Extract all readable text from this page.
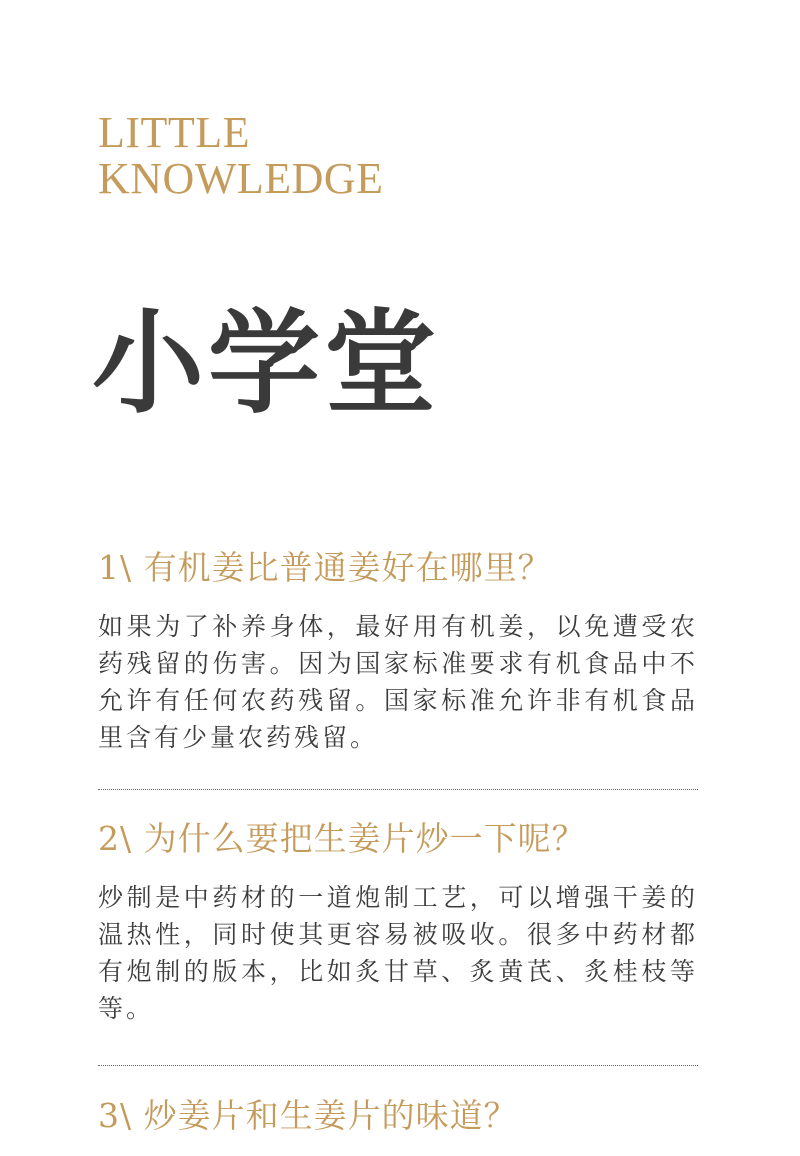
LITTLE
KNOWLEDGE
小学堂
1\ 有机姜比普通姜好在哪里？

如果为了补养身体，最好用有机姜，以免遭受农药残留的伤害。因为国家标准要求有机食品中不允许有任何农药残留。国家标准允许非有机食品里含有少量农药残留。

2\ 为什么要把生姜片炒一下呢？

炒制是中药材的一道炮制工艺，可以增强干姜的温热性，同时使其更容易被吸收。很多中药材都有炮制的版本，比如炙甘草、炙黄芪、炙桂枝等等。

3\ 炒姜片和生姜片的味道？
